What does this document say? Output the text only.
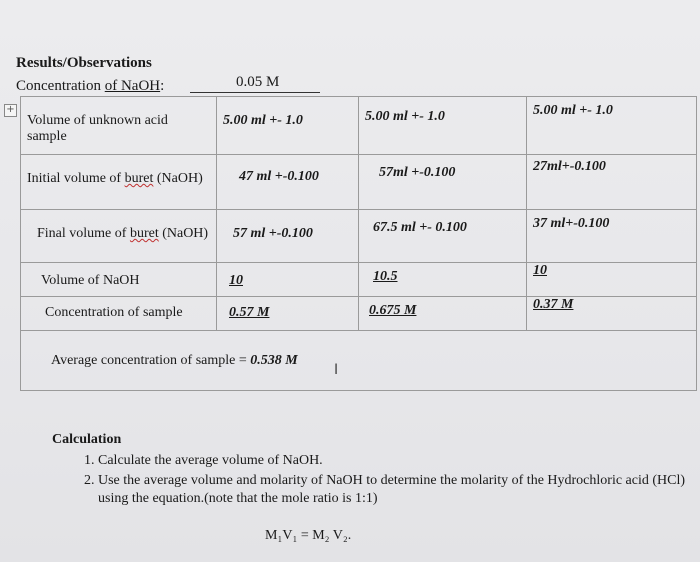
Results/Observations
Concentration of NaOH:	0.05 M
+
Volume of unknown acid sample	5.00 ml +- 1.0	5.00 ml +- 1.0	5.00 ml +- 1.0
Initial volume of buret (NaOH)	47 ml +-0.100	57ml +-0.100	27ml+-0.100
Final volume of buret (NaOH)	57 ml +-0.100	67.5 ml +- 0.100	37 ml+-0.100
Volume of NaOH	10	10.5	10
Concentration of sample	0.57 M	0.675 M	0.37 M
Average concentration of sample = 0.538 M			
I
Calculation
1. Calculate the average volume of NaOH.
2. Use the average volume and molarity of NaOH to determine the molarity of the Hydrochloric acid (HCl) using the equation.(note that the mole ratio is 1:1)
M₁V₁ = M₂ V₂.
